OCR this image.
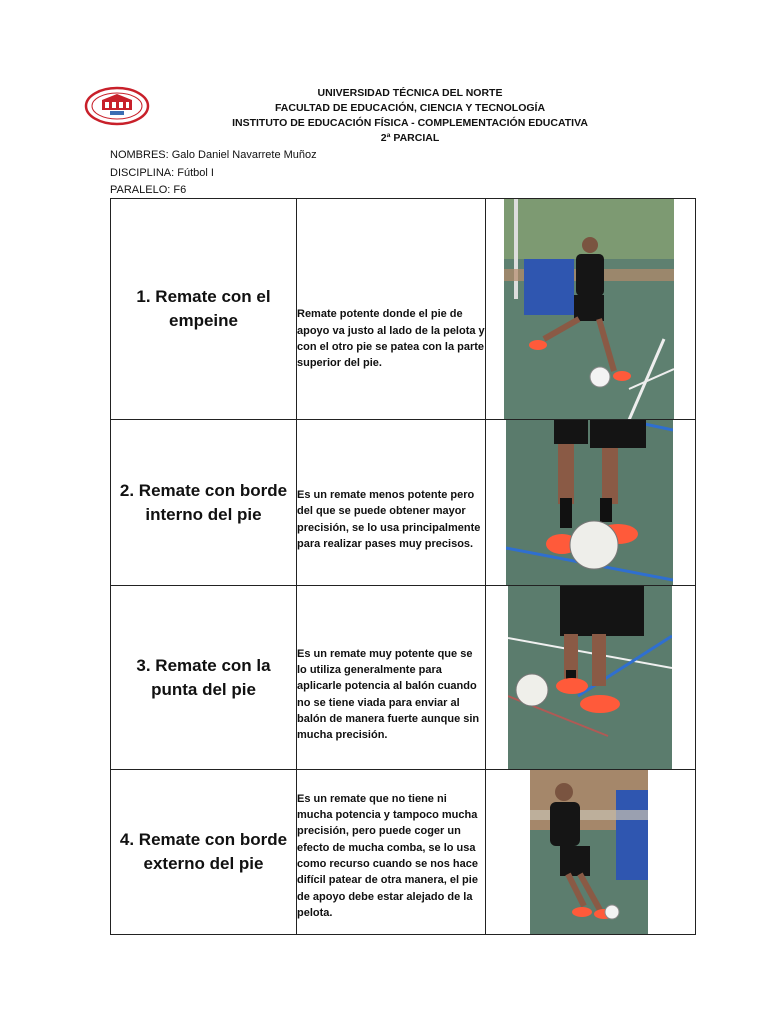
UNIVERSIDAD TÉCNICA DEL NORTE
FACULTAD DE EDUCACIÓN, CIENCIA Y TECNOLOGÍA
INSTITUTO DE EDUCACIÓN FÍSICA - COMPLEMENTACIÓN EDUCATIVA
2ª PARCIAL
NOMBRES: Galo Daniel Navarrete Muñoz
DISCIPLINA: Fútbol I
PARALELO: F6
1. Remate con el empeine	Remate potente donde el pie de apoyo va justo al lado de la pelota y con el otro pie se patea con la parte superior del pie.	

2. Remate con borde interno del pie	Es un remate menos potente pero del que se puede obtener mayor precisión, se lo usa principalmente para realizar pases muy precisos.	

3. Remate con la punta del pie	Es un remate muy potente que se lo utiliza generalmente para aplicarle potencia al balón cuando no se tiene viada para enviar al balón de manera fuerte aunque sin mucha precisión.	

4. Remate con borde externo del pie	Es un remate que no tiene ni mucha potencia y tampoco mucha precisión, pero puede coger un efecto de mucha comba, se lo usa como recurso cuando se nos hace difícil patear de otra manera, el pie de apoyo debe estar alejado de la pelota.	
